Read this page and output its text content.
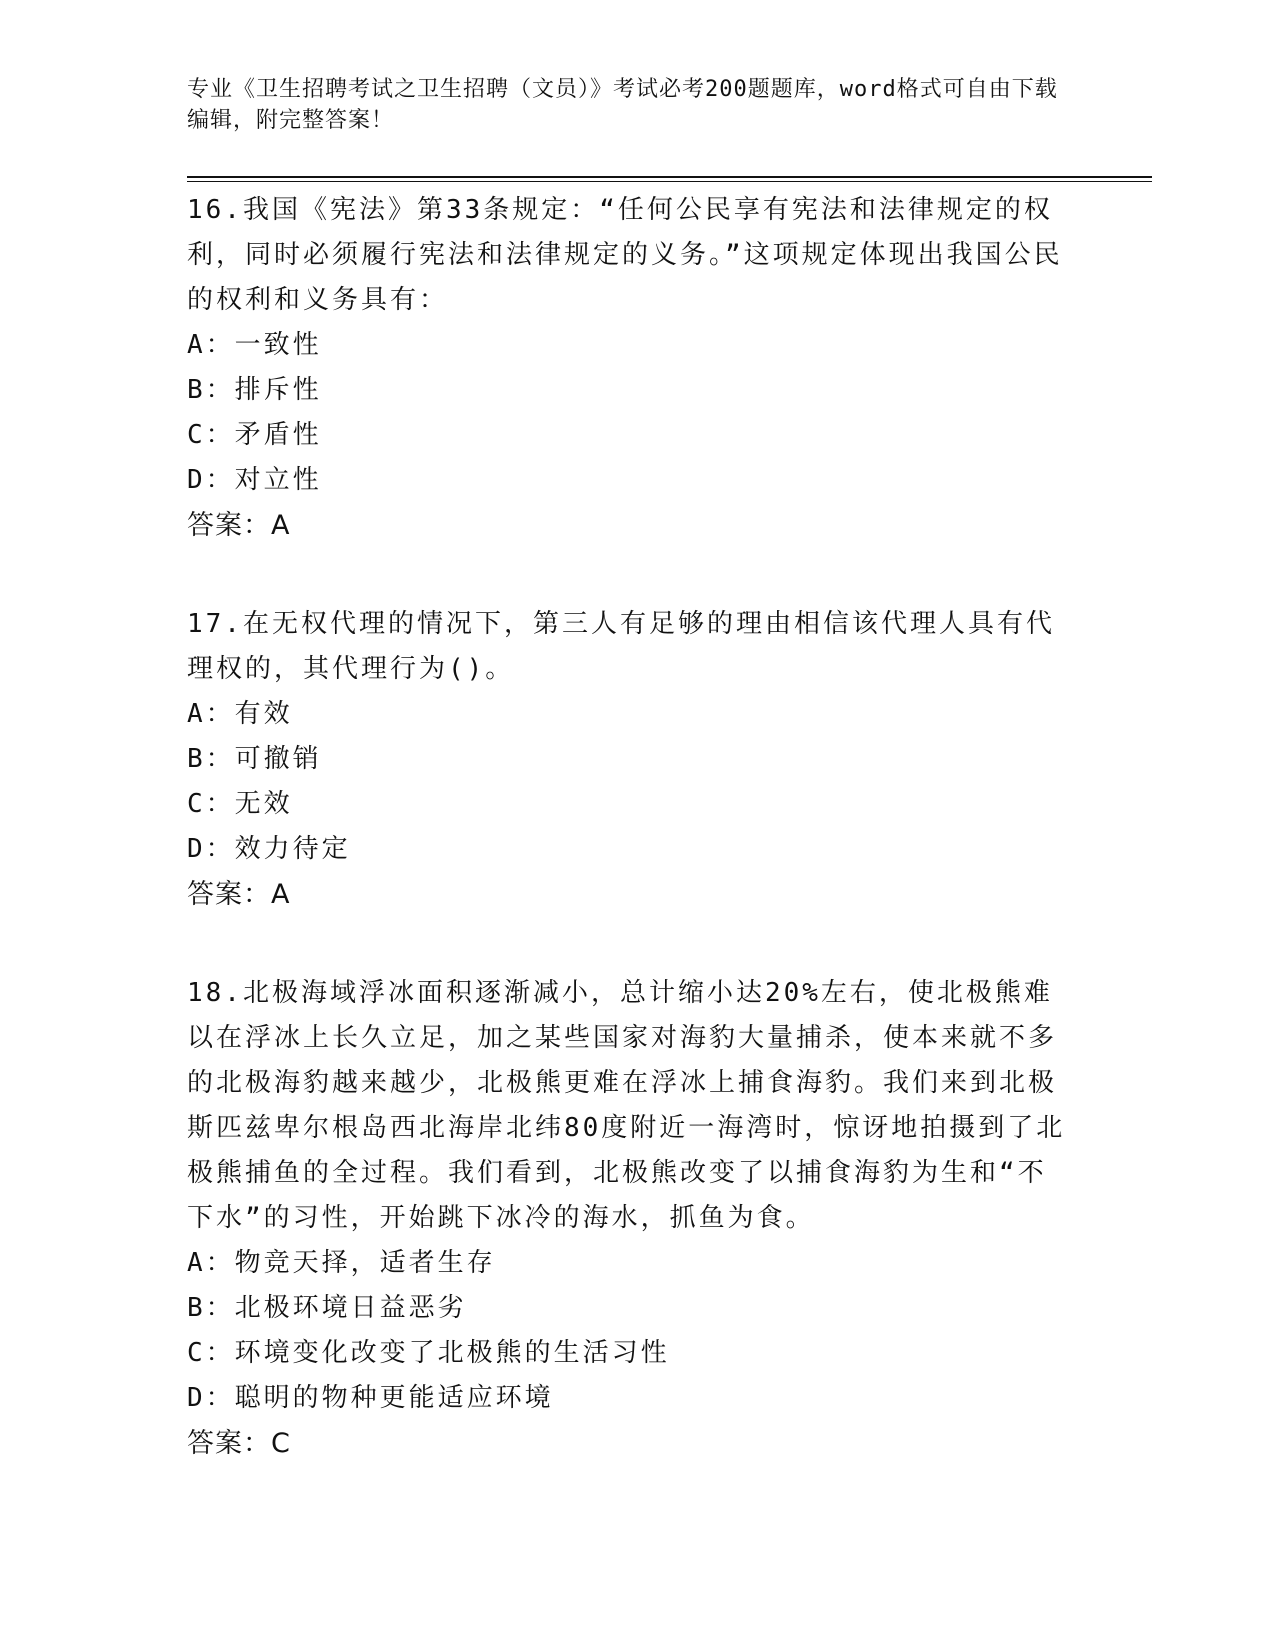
专业《卫生招聘考试之卫生招聘（文员）》考试必考200题题库，word格式可自由下载编辑，附完整答案！

16.我国《宪法》第33条规定：“任何公民享有宪法和法律规定的权利，同时必须履行宪法和法律规定的义务。”这项规定体现出我国公民的权利和义务具有：

A：一致性

B：排斥性

C：矛盾性

D：对立性

答案：A

17.在无权代理的情况下，第三人有足够的理由相信该代理人具有代理权的，其代理行为()。

A：有效

B：可撤销

C：无效

D：效力待定

答案：A

18.北极海域浮冰面积逐渐减小，总计缩小达20%左右，使北极熊难以在浮冰上长久立足，加之某些国家对海豹大量捕杀，使本来就不多的北极海豹越来越少，北极熊更难在浮冰上捕食海豹。我们来到北极斯匹兹卑尔根岛西北海岸北纬80度附近一海湾时，惊讶地拍摄到了北极熊捕鱼的全过程。我们看到，北极熊改变了以捕食海豹为生和“不下水”的习性，开始跳下冰冷的海水，抓鱼为食。

A：物竞天择，适者生存

B：北极环境日益恶劣

C：环境变化改变了北极熊的生活习性

D：聪明的物种更能适应环境

答案：C
